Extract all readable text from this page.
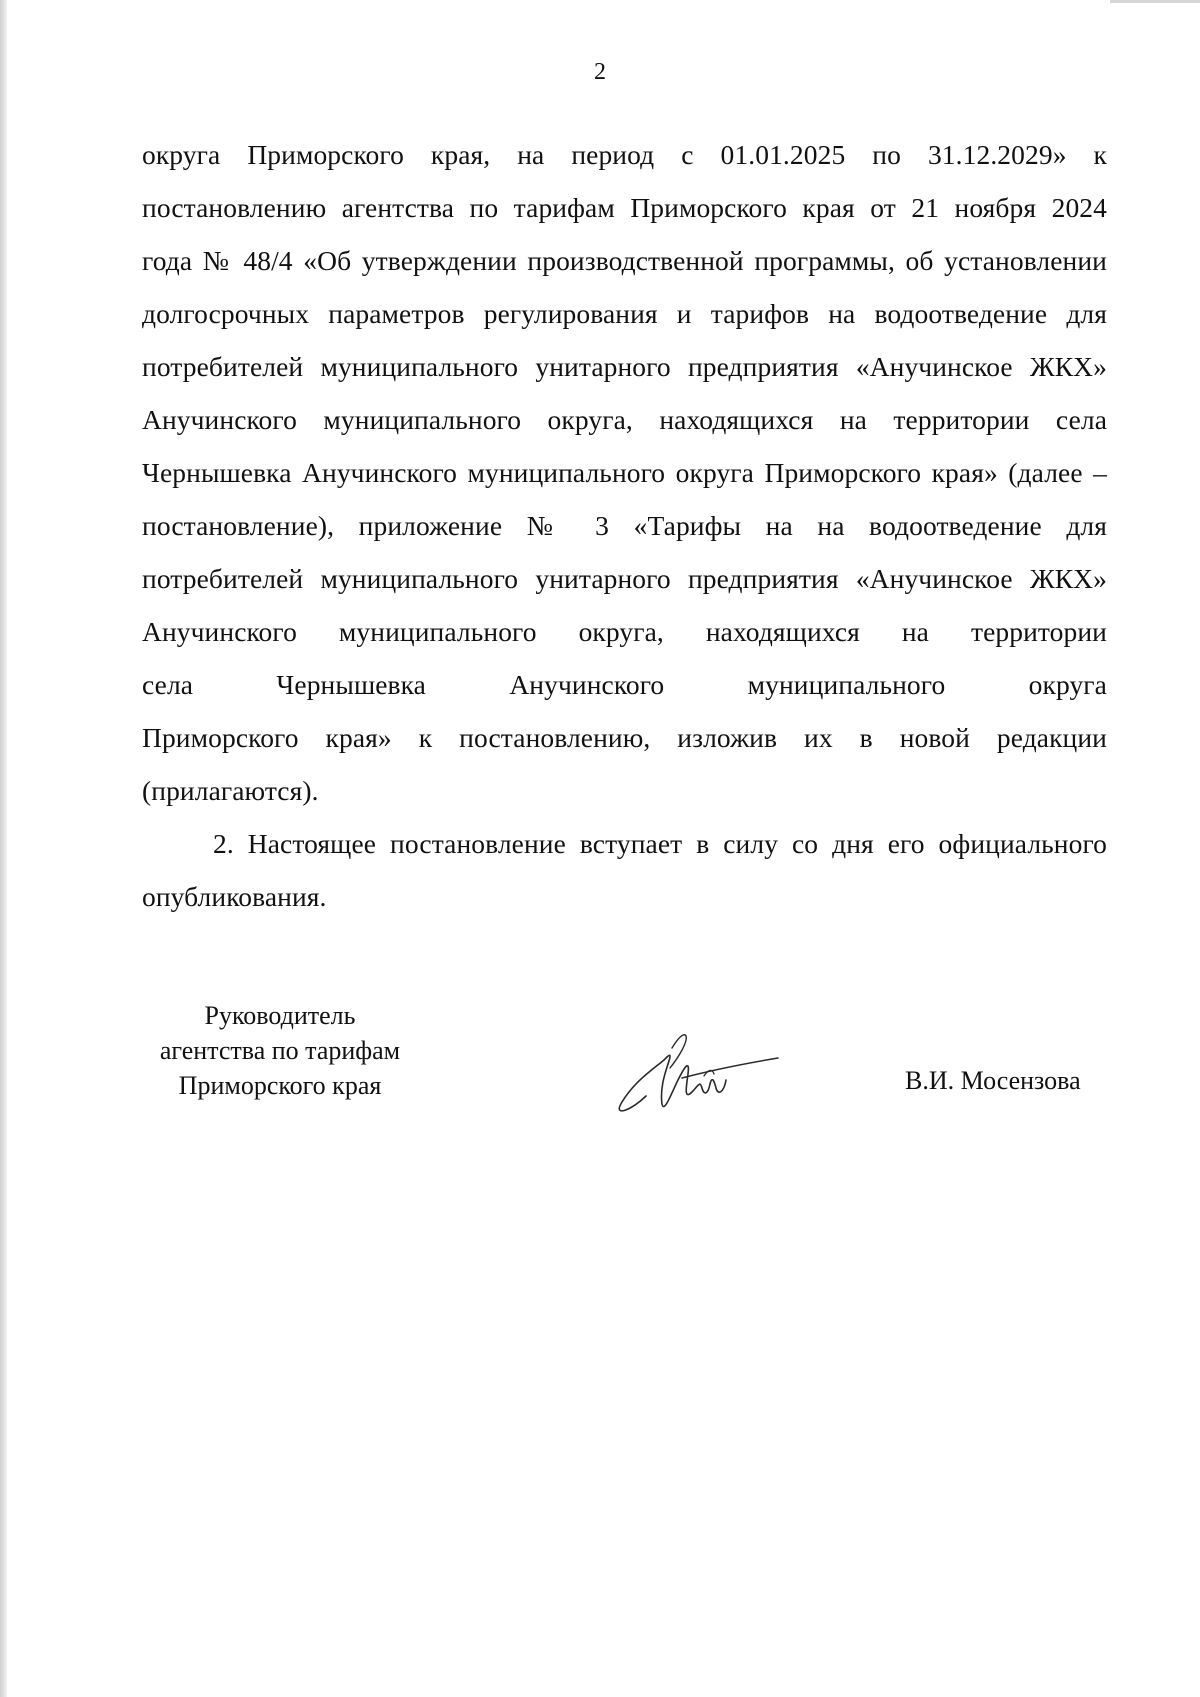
2

округа Приморского края, на период с 01.01.2025 по 31.12.2029» к
постановлению агентства по тарифам Приморского края от 21 ноября 2024
года № 48/4 «Об утверждении производственной программы, об установлении
долгосрочных параметров регулирования и тарифов на водоотведение для
потребителей муниципального унитарного предприятия «Анучинское ЖКХ»
Анучинского муниципального округа, находящихся на территории села
Чернышевка Анучинского муниципального округа Приморского края» (далее –
постановление), приложение № 3 «Тарифы на на водоотведение для
потребителей муниципального унитарного предприятия «Анучинское ЖКХ»
Анучинского муниципального округа, находящихся на территории
села Чернышевка Анучинского муниципального округа
Приморского края» к постановлению, изложив их в новой редакции
(прилагаются).

2. Настоящее постановление вступает в силу со дня его официального
опубликования.

Руководитель
агентства по тарифам
Приморского края	В.И. Мосензова
